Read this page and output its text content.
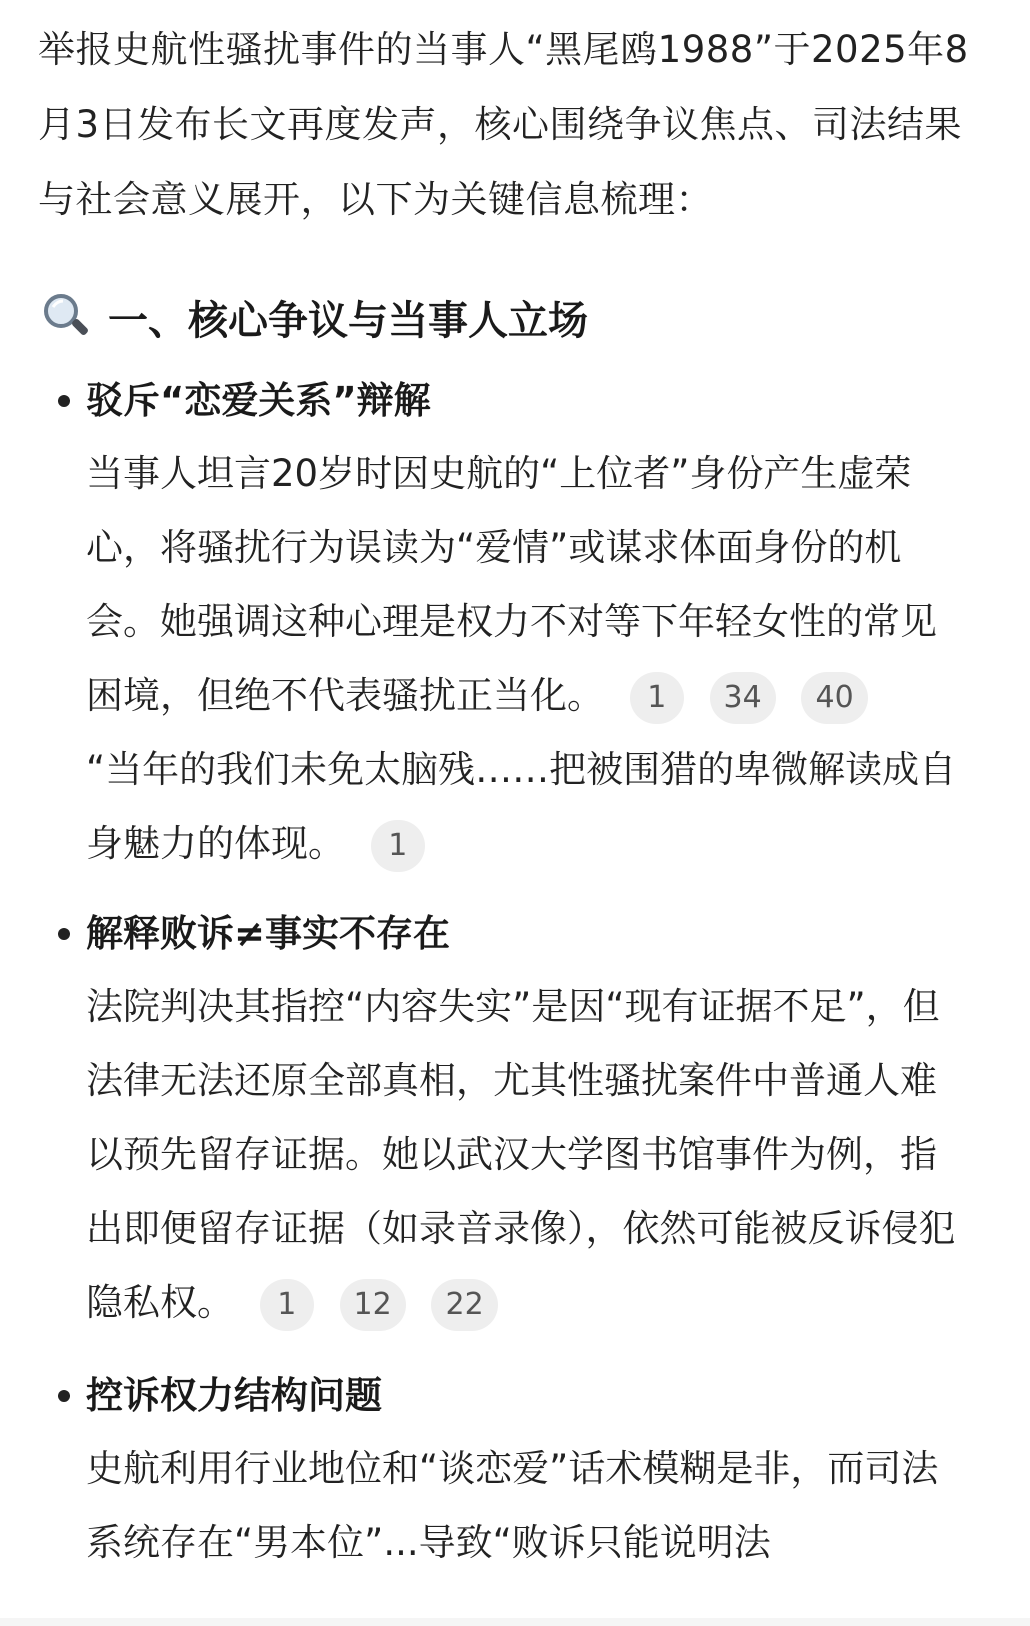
举报史航性骚扰事件的当事人“黑尾鸥1988”于2025年8月3日发布长文再度发声，核心围绕争议焦点、司法结果与社会意义展开，以下为关键信息梳理：
一、核心争议与当事人立场
驳斥“恋爱关系”辩解
当事人坦言20岁时因史航的“上位者”身份产生虚荣心，将骚扰行为误读为“爱情”或谋求体面身份的机会。她强调这种心理是权力不对等下年轻女性的常见困境，但绝不代表骚扰正当化。 1 34 40
“当年的我们未免太脑残……把被围猎的卑微解读成自身魅力的体现。 1
解释败诉≠事实不存在
法院判决其指控“内容失实”是因“现有证据不足”，但法律无法还原全部真相，尤其性骚扰案件中普通人难以预先留存证据。她以武汉大学图书馆事件为例，指出即便留存证据（如录音录像），依然可能被反诉侵犯隐私权。 1 12 22
控诉权力结构问题
史航利用行业地位和“谈恋爱”话术模糊是非，而司法系统存在“男本位”...导致“败诉只能说明法
